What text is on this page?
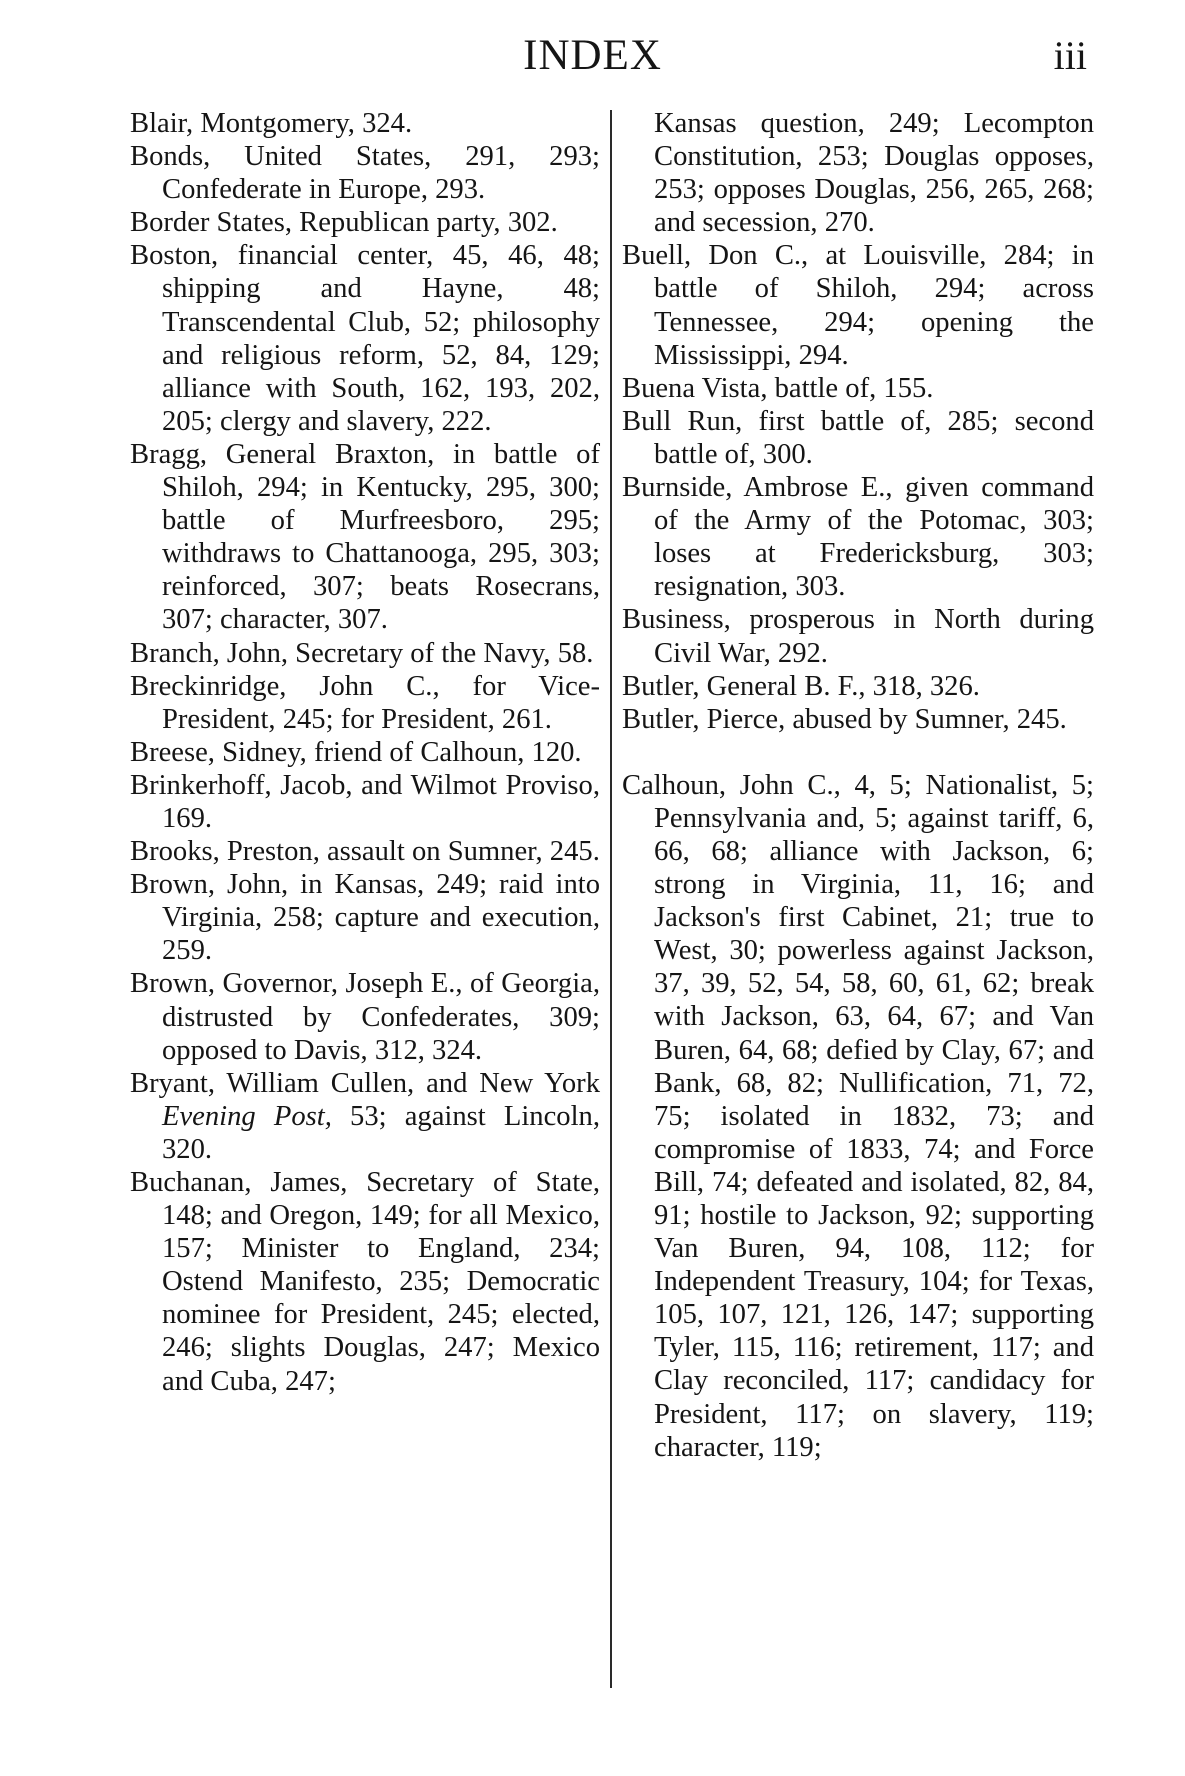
INDEX	iii

Blair, Montgomery, 324.

Bonds, United States, 291, 293; Confederate in Europe, 293.

Border States, Republican party, 302.

Boston, financial center, 45, 46, 48; shipping and Hayne, 48; Transcendental Club, 52; philosophy and religious reform, 52, 84, 129; alliance with South, 162, 193, 202, 205; clergy and slavery, 222.

Bragg, General Braxton, in battle of Shiloh, 294; in Kentucky, 295, 300; battle of Murfreesboro, 295; withdraws to Chattanooga, 295, 303; reinforced, 307; beats Rosecrans, 307; character, 307.

Branch, John, Secretary of the Navy, 58.

Breckinridge, John C., for Vice-President, 245; for President, 261.

Breese, Sidney, friend of Calhoun, 120.

Brinkerhoff, Jacob, and Wilmot Proviso, 169.

Brooks, Preston, assault on Sumner, 245.

Brown, John, in Kansas, 249; raid into Virginia, 258; capture and execution, 259.

Brown, Governor, Joseph E., of Georgia, distrusted by Confederates, 309; opposed to Davis, 312, 324.

Bryant, William Cullen, and New York Evening Post, 53; against Lincoln, 320.

Buchanan, James, Secretary of State, 148; and Oregon, 149; for all Mexico, 157; Minister to England, 234; Ostend Manifesto, 235; Democratic nominee for President, 245; elected, 246; slights Douglas, 247; Mexico and Cuba, 247;

Kansas question, 249; Lecompton Constitution, 253; Douglas opposes, 253; opposes Douglas, 256, 265, 268; and secession, 270.

Buell, Don C., at Louisville, 284; in battle of Shiloh, 294; across Tennessee, 294; opening the Mississippi, 294.

Buena Vista, battle of, 155.

Bull Run, first battle of, 285; second battle of, 300.

Burnside, Ambrose E., given command of the Army of the Potomac, 303; loses at Fredericksburg, 303; resignation, 303.

Business, prosperous in North during Civil War, 292.

Butler, General B. F., 318, 326.

Butler, Pierce, abused by Sumner, 245.

Calhoun, John C., 4, 5; Nationalist, 5; Pennsylvania and, 5; against tariff, 6, 66, 68; alliance with Jackson, 6; strong in Virginia, 11, 16; and Jackson's first Cabinet, 21; true to West, 30; powerless against Jackson, 37, 39, 52, 54, 58, 60, 61, 62; break with Jackson, 63, 64, 67; and Van Buren, 64, 68; defied by Clay, 67; and Bank, 68, 82; Nullification, 71, 72, 75; isolated in 1832, 73; and compromise of 1833, 74; and Force Bill, 74; defeated and isolated, 82, 84, 91; hostile to Jackson, 92; supporting Van Buren, 94, 108, 112; for Independent Treasury, 104; for Texas, 105, 107, 121, 126, 147; supporting Tyler, 115, 116; retirement, 117; and Clay reconciled, 117; candidacy for President, 117; on slavery, 119; character, 119;
